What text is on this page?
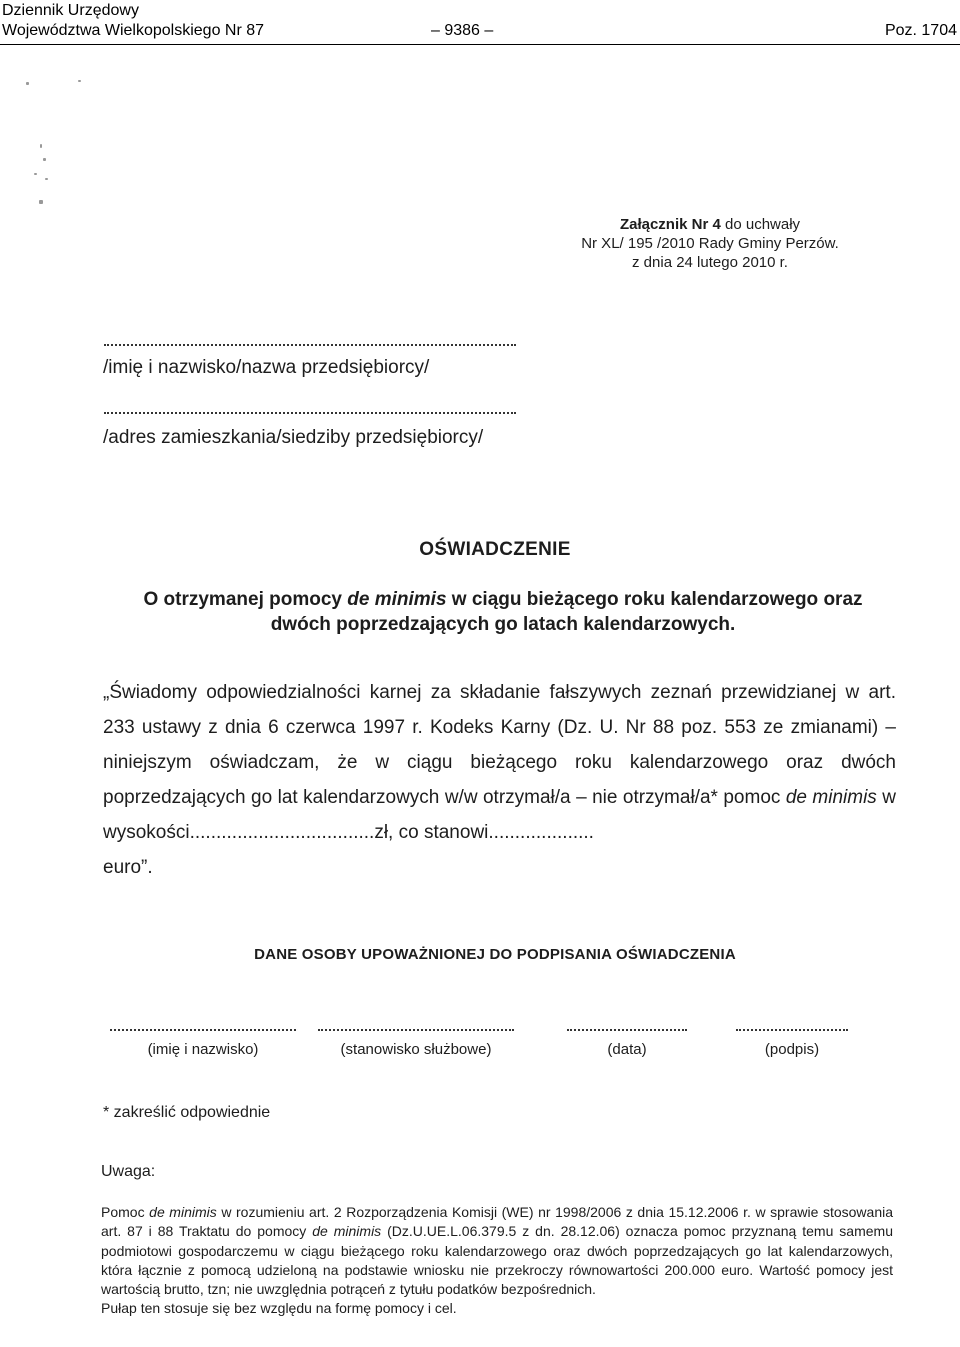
Dziennik Urzędowy
Województwa Wielkopolskiego Nr 87	– 9386 –	Poz. 1704
Załącznik Nr 4 do uchwały
Nr XL/ 195 /2010 Rady Gminy Perzów.
z dnia 24 lutego 2010 r.
/imię i nazwisko/nazwa przedsiębiorcy/
/adres zamieszkania/siedziby przedsiębiorcy/
OŚWIADCZENIE
O otrzymanej pomocy de minimis w ciągu bieżącego roku kalendarzowego oraz dwóch poprzedzających go latach kalendarzowych.
„Świadomy odpowiedzialności karnej za składanie fałszywych zeznań przewidzianej w art. 233 ustawy z dnia 6 czerwca 1997 r. Kodeks Karny (Dz. U. Nr 88 poz. 553 ze zmianami) – niniejszym oświadczam, że w ciągu bieżącego roku kalendarzowego oraz dwóch poprzedzających go lat kalendarzowych w/w otrzymał/a – nie otrzymał/a* pomoc de minimis w wysokości...................................zł, co stanowi....................
euro”.
DANE OSOBY UPOWAŻNIONEJ DO PODPISANIA OŚWIADCZENIA
(imię i nazwisko)	(stanowisko służbowe)	(data)	(podpis)
* zakreślić odpowiednie
Uwaga:
Pomoc de minimis w rozumieniu art. 2 Rozporządzenia Komisji (WE) nr 1998/2006 z dnia 15.12.2006 r. w sprawie stosowania art. 87 i 88 Traktatu do pomocy de minimis (Dz.U.UE.L.06.379.5 z dn. 28.12.06) oznacza pomoc przyznaną temu samemu podmiotowi gospodarczemu w ciągu bieżącego roku kalendarzowego oraz dwóch poprzedzających go lat kalendarzowych, która łącznie z pomocą udzieloną na podstawie wniosku nie przekroczy równowartości 200.000 euro. Wartość pomocy jest wartością brutto, tzn; nie uwzględnia potrąceń z tytułu podatków bezpośrednich.
Pułap ten stosuje się bez względu na formę pomocy i cel.
